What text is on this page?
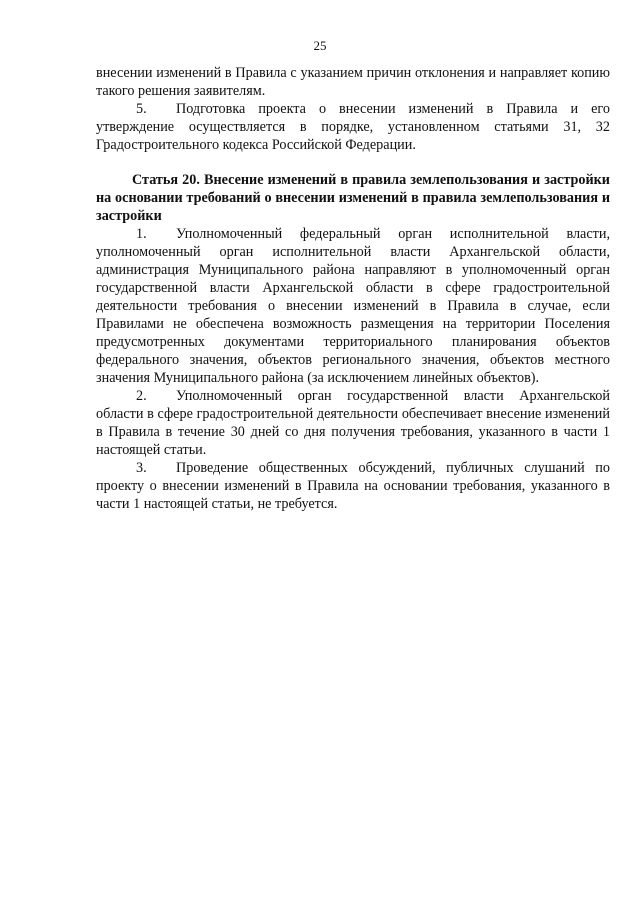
25

внесении изменений в Правила с указанием причин отклонения и направляет копию такого решения заявителям.

5. Подготовка проекта о внесении изменений в Правила и его утверждение осуществляется в порядке, установленном статьями 31, 32 Градостроительного кодекса Российской Федерации.

Статья 20. Внесение изменений в правила землепользования и застройки на основании требований о внесении изменений в правила землепользования и застройки

1. Уполномоченный федеральный орган исполнительной власти, уполномоченный орган исполнительной власти Архангельской области, администрация Муниципального района направляют в уполномоченный орган государственной власти Архангельской области в сфере градостроительной деятельности требования о внесении изменений в Правила в случае, если Правилами не обеспечена возможность размещения на территории Поселения предусмотренных документами территориального планирования объектов федерального значения, объектов регионального значения, объектов местного значения Муниципального района (за исключением линейных объектов).

2. Уполномоченный орган государственной власти Архангельской области в сфере градостроительной деятельности обеспечивает внесение изменений в Правила в течение 30 дней со дня получения требования, указанного в части 1 настоящей статьи.

3. Проведение общественных обсуждений, публичных слушаний по проекту о внесении изменений в Правила на основании требования, указанного в части 1 настоящей статьи, не требуется.
